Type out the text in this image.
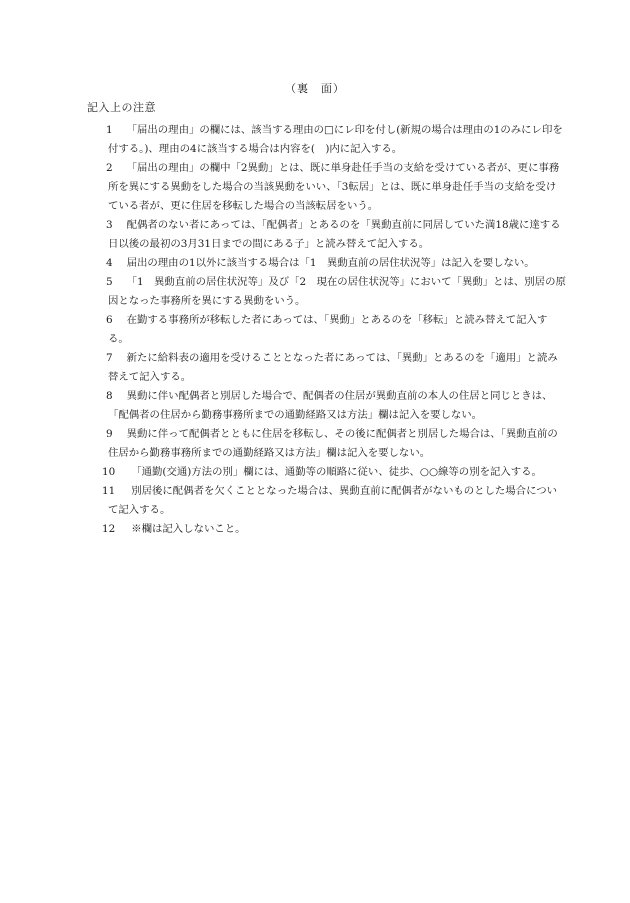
（裏　面）
記入上の注意
1 「届出の理由」の欄には、該当する理由の□にレ印を付し(新規の場合は理由の1のみにレ印を付する。)、理由の4に該当する場合は内容を(　)内に記入する。
2 「届出の理由」の欄中「2異動」とは、既に単身赴任手当の支給を受けている者が、更に事務所を異にする異動をした場合の当該異動をいい、「3転居」とは、既に単身赴任手当の支給を受けている者が、更に住居を移転した場合の当該転居をいう。
3 配偶者のない者にあっては、「配偶者」とあるのを「異動直前に同居していた満18歳に達する日以後の最初の3月31日までの間にある子」と読み替えて記入する。
4 届出の理由の1以外に該当する場合は「1　異動直前の居住状況等」は記入を要しない。
5 「1　異動直前の居住状況等」及び「2　現在の居住状況等」において「異動」とは、別居の原因となった事務所を異にする異動をいう。
6 在勤する事務所が移転した者にあっては、「異動」とあるのを「移転」と読み替えて記入する。
7 新たに給料表の適用を受けることとなった者にあっては、「異動」とあるのを「適用」と読み替えて記入する。
8 異動に伴い配偶者と別居した場合で、配偶者の住居が異動直前の本人の住居と同じときは、「配偶者の住居から勤務事務所までの通勤経路又は方法」欄は記入を要しない。
9 異動に伴って配偶者とともに住居を移転し、その後に配偶者と別居した場合は、「異動直前の住居から勤務事務所までの通勤経路又は方法」欄は記入を要しない。
10 「通勤(交通)方法の別」欄には、通勤等の順路に従い、徒歩、○○線等の別を記入する。
11 別居後に配偶者を欠くこととなった場合は、異動直前に配偶者がないものとした場合について記入する。
12 ※欄は記入しないこと。
